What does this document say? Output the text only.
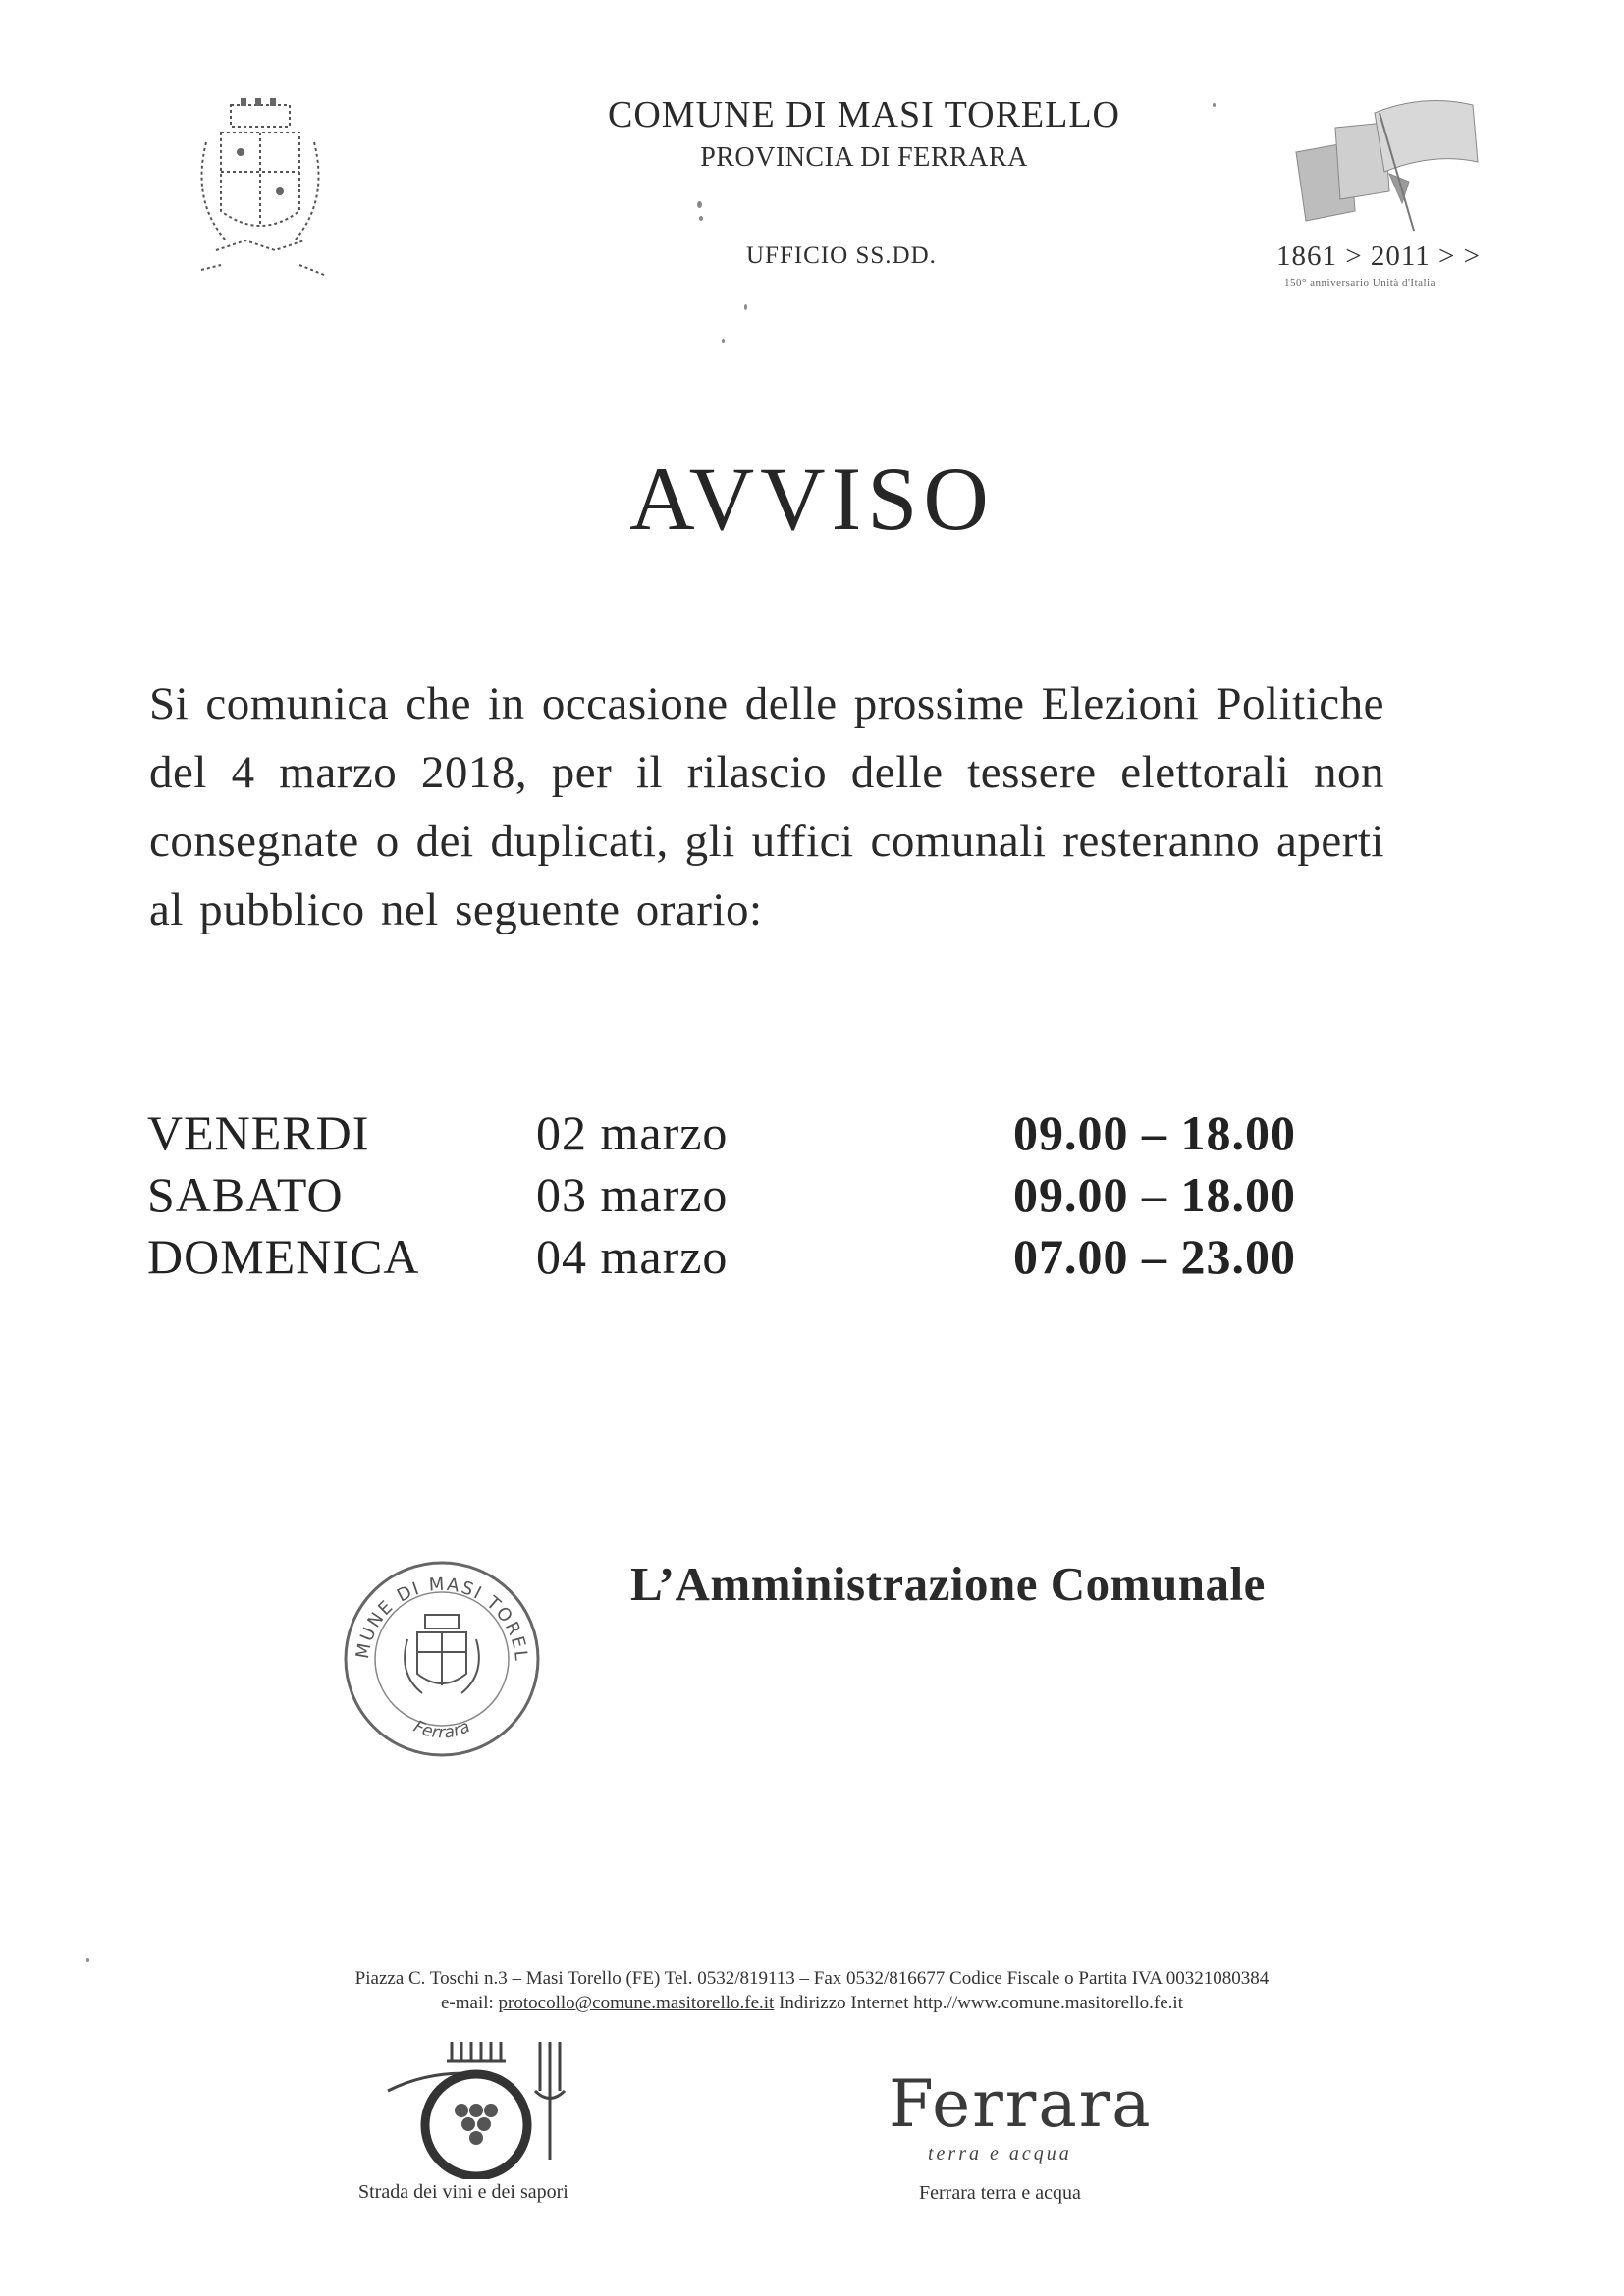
COMUNE DI MASI TORELLO
PROVINCIA DI FERRARA
UFFICIO SS.DD.	1861 > 2011 > >
150° anniversario Unità d'Italia
AVVISO
Si comunica che in occasione delle prossime Elezioni Politiche del 4 marzo 2018, per il rilascio delle tessere elettorali non consegnate o dei duplicati, gli uffici comunali resteranno aperti al pubblico nel seguente orario:
VENERDI	02 marzo	09.00 – 18.00
SABATO	03 marzo	09.00 – 18.00
DOMENICA 04 marzo	07.00 – 23.00
MUNE DI MASI TOREL
Ferrara
L’Amministrazione Comunale
Piazza C. Toschi n.3 – Masi Torello (FE) Tel. 0532/819113 – Fax 0532/816677 Codice Fiscale o Partita IVA 00321080384
e-mail: protocollo@comune.masitorello.fe.it Indirizzo Internet http.//www.comune.masitorello.fe.it
Strada dei vini e dei sapori
Ferrara
terra e acqua
Ferrara terra e acqua
